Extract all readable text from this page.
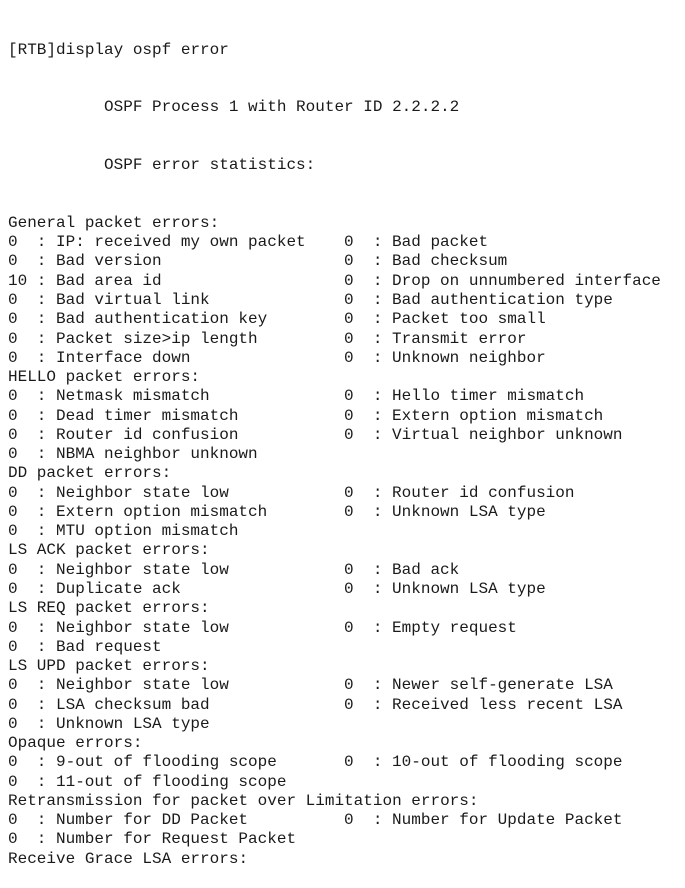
[RTB]display ospf error

OSPF Process 1 with Router ID 2.2.2.2

OSPF error statistics:

General packet errors:
0 : IP: received my own packet	0 : Bad packet
0 : Bad version	0 : Bad checksum
10 : Bad area id	0 : Drop on unnumbered interface
0 : Bad virtual link	0 : Bad authentication type
0 : Bad authentication key	0 : Packet too small
0 : Packet size>ip length	0 : Transmit error
0 : Interface down	0 : Unknown neighbor
HELLO packet errors:
0 : Netmask mismatch	0 : Hello timer mismatch
0 : Dead timer mismatch	0 : Extern option mismatch
0 : Router id confusion	0 : Virtual neighbor unknown
0 : NBMA neighbor unknown
DD packet errors:
0 : Neighbor state low	0 : Router id confusion
0 : Extern option mismatch	0 : Unknown LSA type
0 : MTU option mismatch
LS ACK packet errors:
0 : Neighbor state low	0 : Bad ack
0 : Duplicate ack	0 : Unknown LSA type
LS REQ packet errors:
0 : Neighbor state low	0 : Empty request
0 : Bad request
LS UPD packet errors:
0 : Neighbor state low	0 : Newer self-generate LSA
0 : LSA checksum bad	0 : Received less recent LSA
0 : Unknown LSA type
Opaque errors:
0 : 9-out of flooding scope	0 : 10-out of flooding scope
0 : 11-out of flooding scope
Retransmission for packet over Limitation errors:
0 : Number for DD Packet	0 : Number for Update Packet
0 : Number for Request Packet
Receive Grace LSA errors:
